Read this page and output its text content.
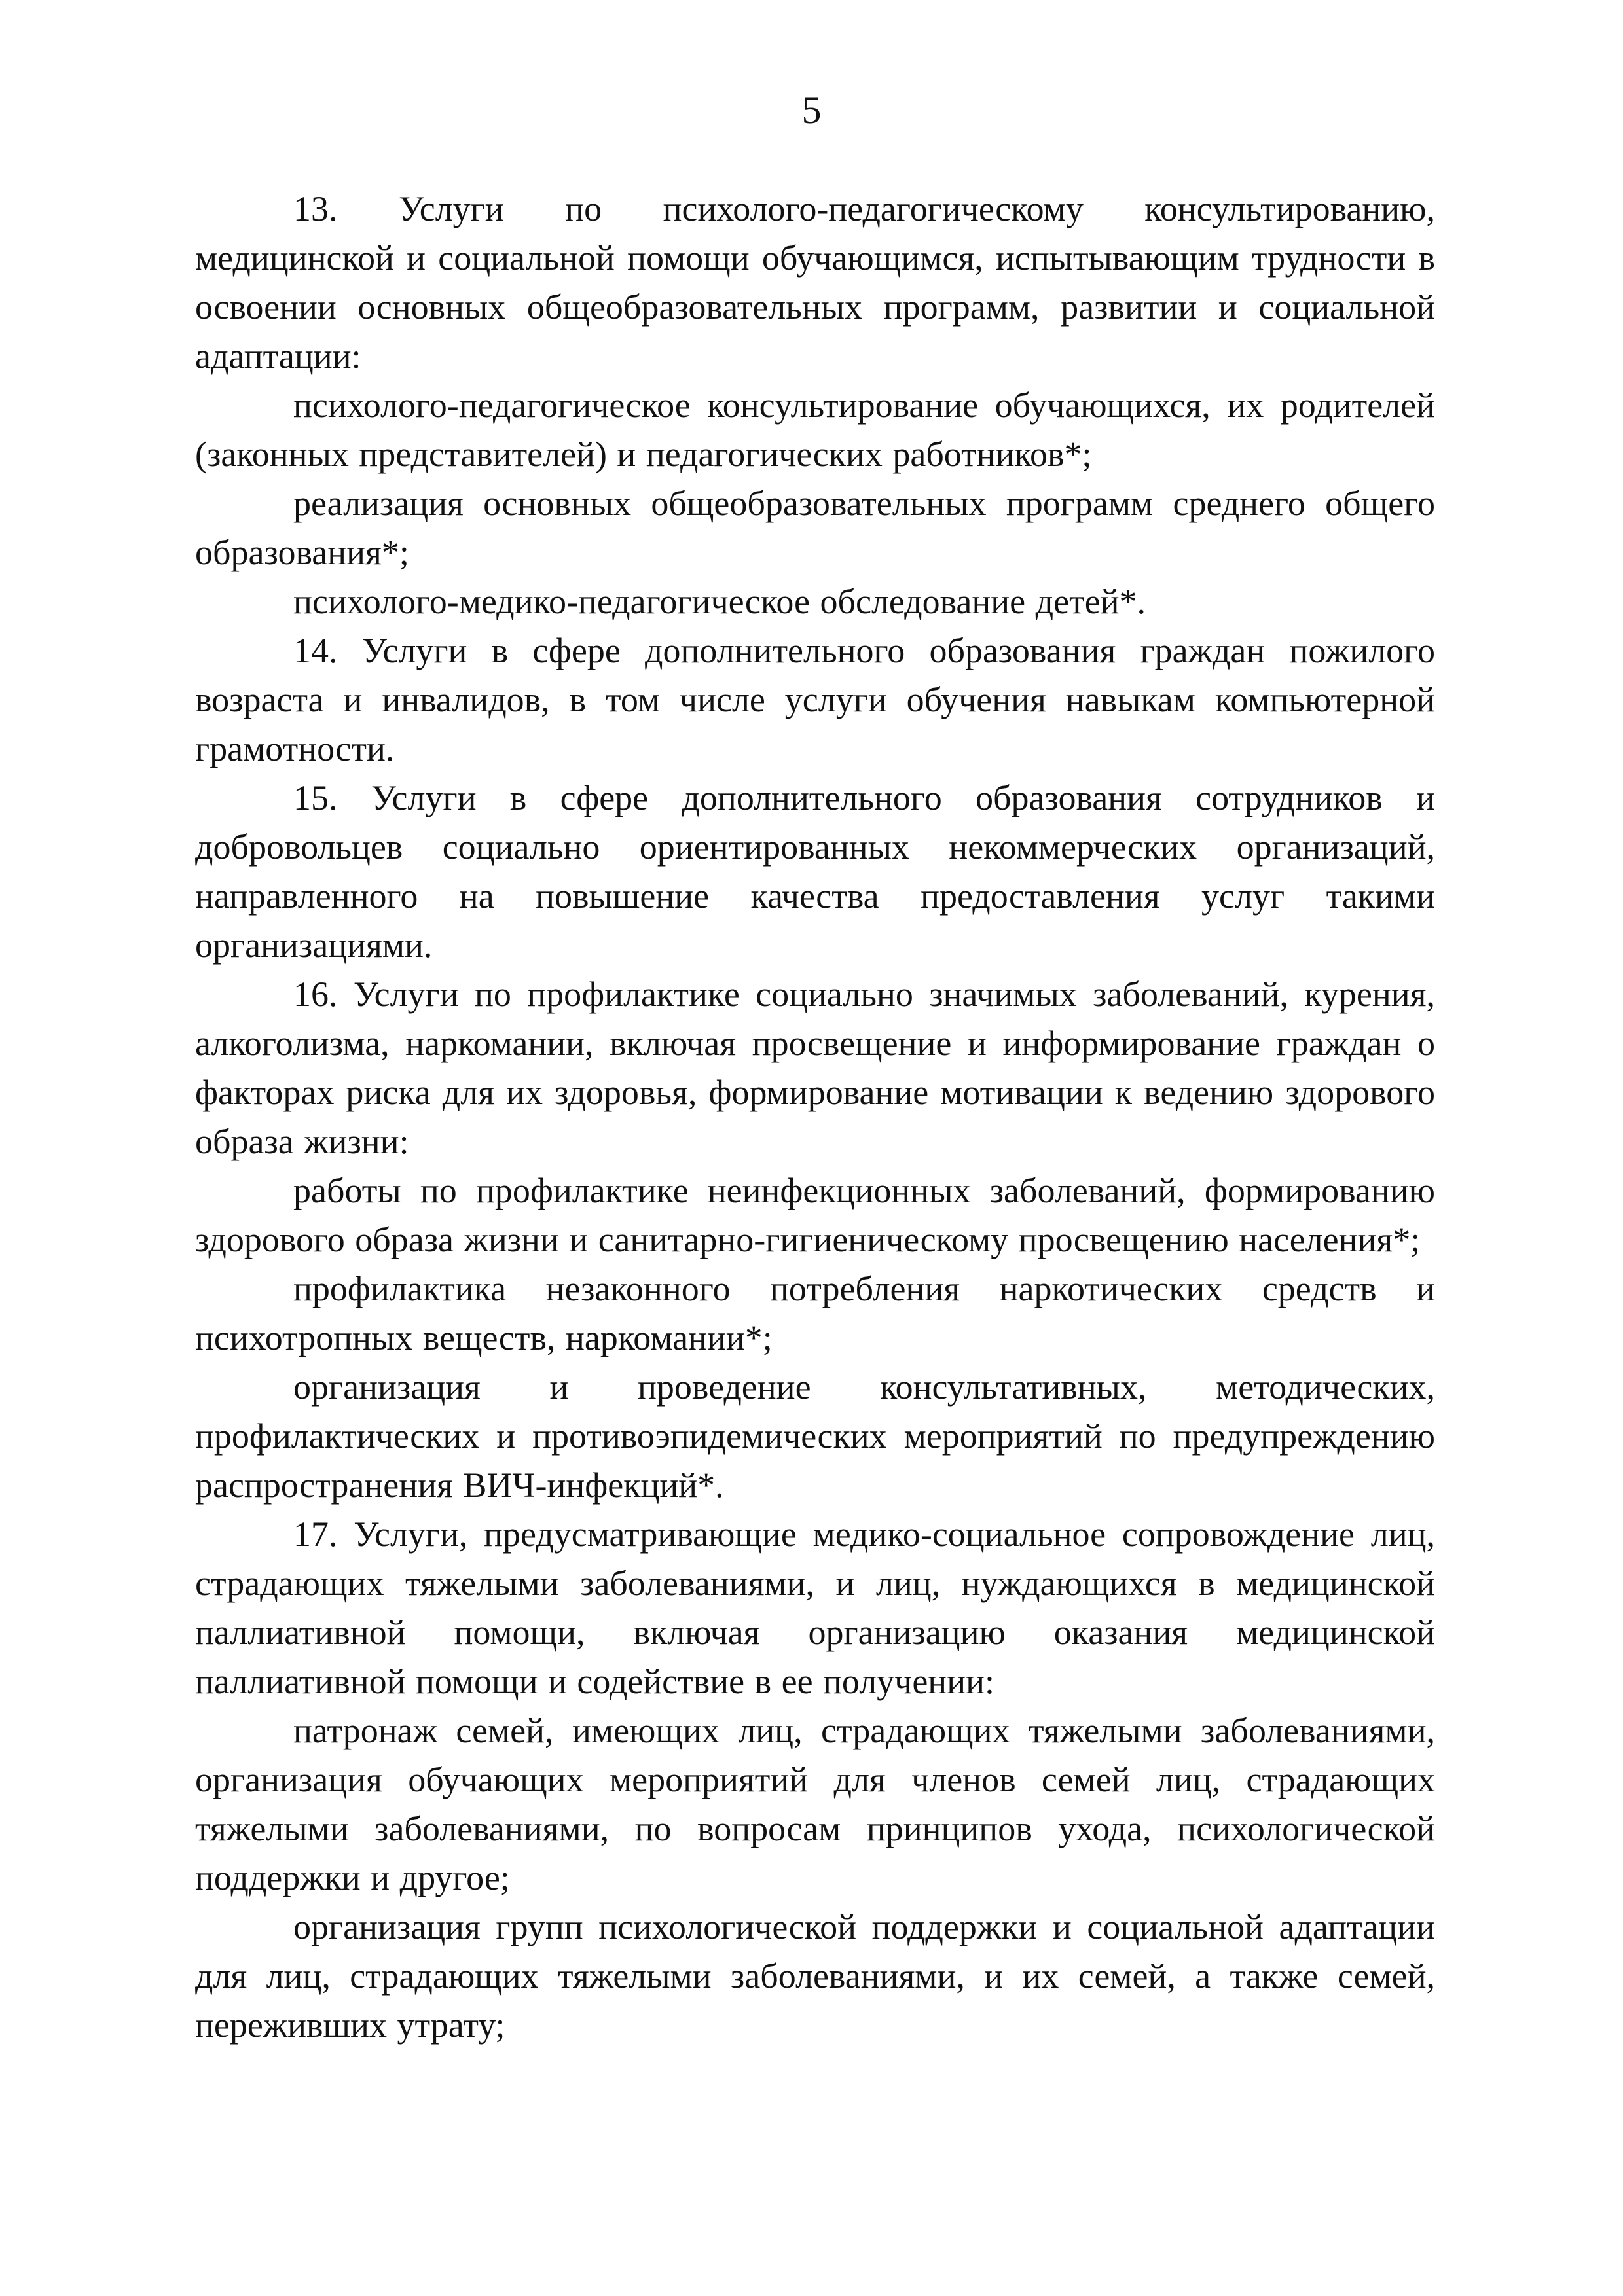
5

13. Услуги по психолого-педагогическому консультированию, медицинской и социальной помощи обучающимся, испытывающим трудности в освоении основных общеобразовательных программ, развитии и социальной адаптации:

психолого-педагогическое консультирование обучающихся, их родителей (законных представителей) и педагогических работников*;

реализация основных общеобразовательных программ среднего общего образования*;

психолого-медико-педагогическое обследование детей*.

14. Услуги в сфере дополнительного образования граждан пожилого возраста и инвалидов, в том числе услуги обучения навыкам компьютерной грамотности.

15. Услуги в сфере дополнительного образования сотрудников и добровольцев социально ориентированных некоммерческих организаций, направленного на повышение качества предоставления услуг такими организациями.

16. Услуги по профилактике социально значимых заболеваний, курения, алкоголизма, наркомании, включая просвещение и информирование граждан о факторах риска для их здоровья, формирование мотивации к ведению здорового образа жизни:

работы по профилактике неинфекционных заболеваний, формированию здорового образа жизни и санитарно-гигиеническому просвещению населения*;

профилактика незаконного потребления наркотических средств и психотропных веществ, наркомании*;

организация и проведение консультативных, методических, профилактических и противоэпидемических мероприятий по предупреждению распространения ВИЧ-инфекций*.

17. Услуги, предусматривающие медико-социальное сопровождение лиц, страдающих тяжелыми заболеваниями, и лиц, нуждающихся в медицинской паллиативной помощи, включая организацию оказания медицинской паллиативной помощи и содействие в ее получении:

патронаж семей, имеющих лиц, страдающих тяжелыми заболеваниями, организация обучающих мероприятий для членов семей лиц, страдающих тяжелыми заболеваниями, по вопросам принципов ухода, психологической поддержки и другое;

организация групп психологической поддержки и социальной адаптации для лиц, страдающих тяжелыми заболеваниями, и их семей, а также семей, переживших утрату;
